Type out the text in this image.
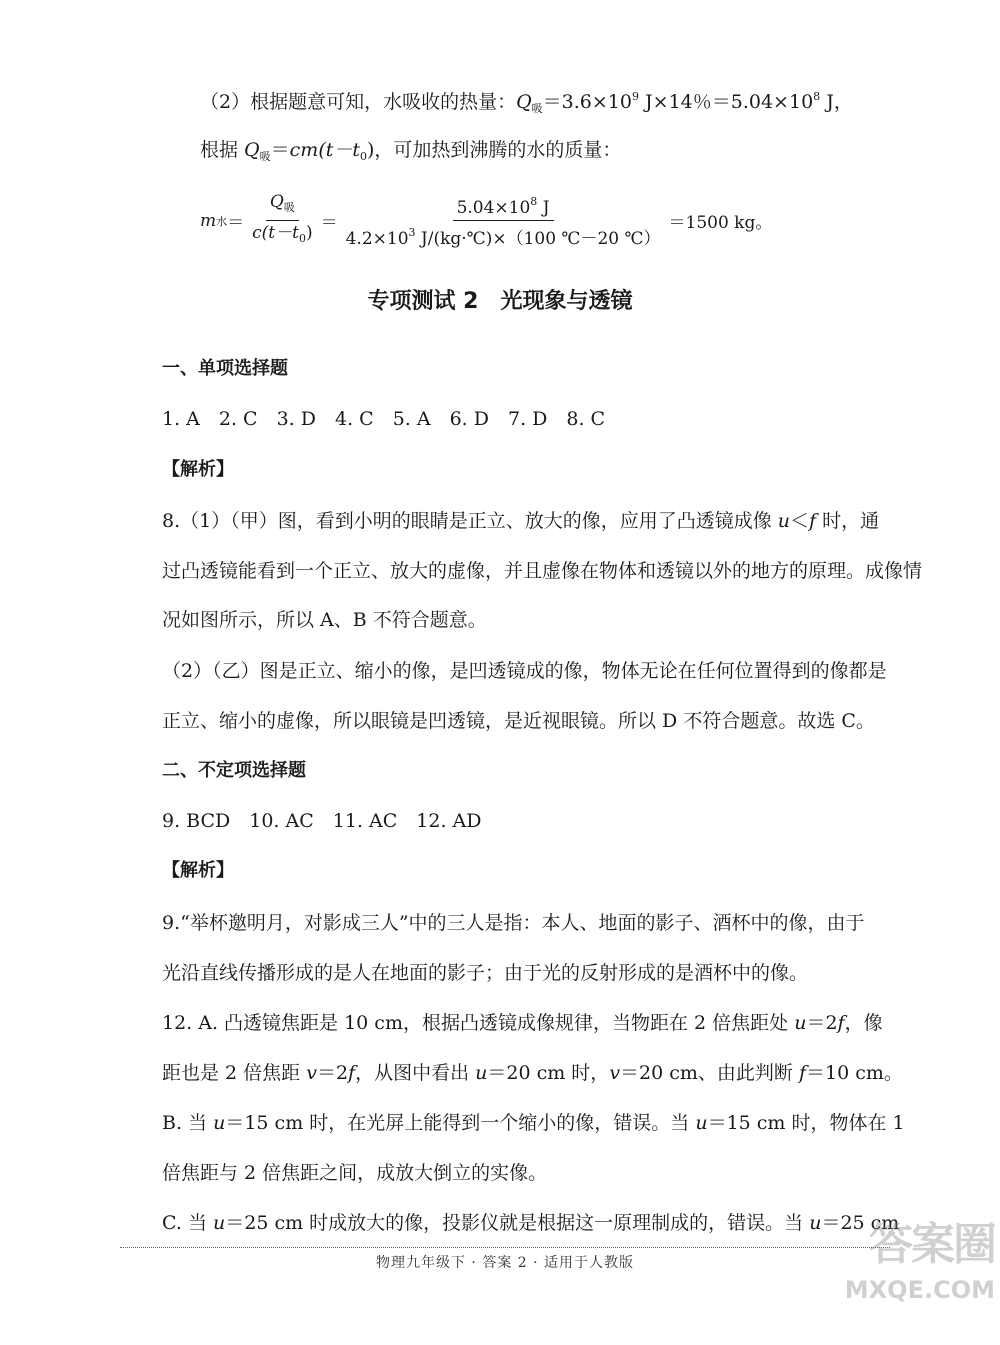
（2）根据题意可知，水吸收的热量：$Q_吸=3.6\times 10^9$ J×14％$=5.04\times 10^8$ J，
根据 $Q_吸=cm(t-t_0)$，可加热到沸腾的水的质量：
m 水 ＝ $\frac{Q_吸}{c(t-t_0)} = \frac{5.04\times 10^8 J}{4.2\times 10^3 J/(kg\cdot℃)\times(100 ℃-20 ℃)} =1500$ kg。
专项测试 2　光现象与透镜
一、单项选择题
1. A　2. C　3. D　4. C　5. A　6. D　7. D　8. C
【解析】
8.（1）（甲）图，看到小明的眼睛是正立、放大的像，应用了凸透镜成像 u＜f 时，通
过凸透镜能看到一个正立、放大的虚像，并且虚像在物体和透镜以外的地方的原理。成像情
况如图所示，所以 A、B 不符合题意。
（2）（乙）图是正立、缩小的像，是凹透镜成的像，物体无论在任何位置得到的像都是
正立、缩小的虚像，所以眼镜是凹透镜，是近视眼镜。所以 D 不符合题意。故选 C。
二、不定项选择题
9. BCD　10. AC　11. AC　12. AD
【解析】
9.“举杯邀明月，对影成三人”中的三人是指：本人、地面的影子、酒杯中的像，由于
光沿直线传播形成的是人在地面的影子；由于光的反射形成的是酒杯中的像。
12. A. 凸透镜焦距是 10 cm，根据凸透镜成像规律，当物距在 2 倍焦距处 u＝2f，像
距也是 2 倍焦距 v＝2f，从图中看出 u＝20 cm 时，v＝20 cm、由此判断 f＝10 cm。
B. 当 u＝15 cm 时，在光屏上能得到一个缩小的像，错误。当 u＝15 cm 时，物体在 1
倍焦距与 2 倍焦距之间，成放大倒立的实像。
C. 当 u＝25 cm 时成放大的像，投影仪就是根据这一原理制成的，错误。当 u＝25 cm
物理九年级下 · 答案 2 · 适用于人教版	答案圈
MXQE.COM
